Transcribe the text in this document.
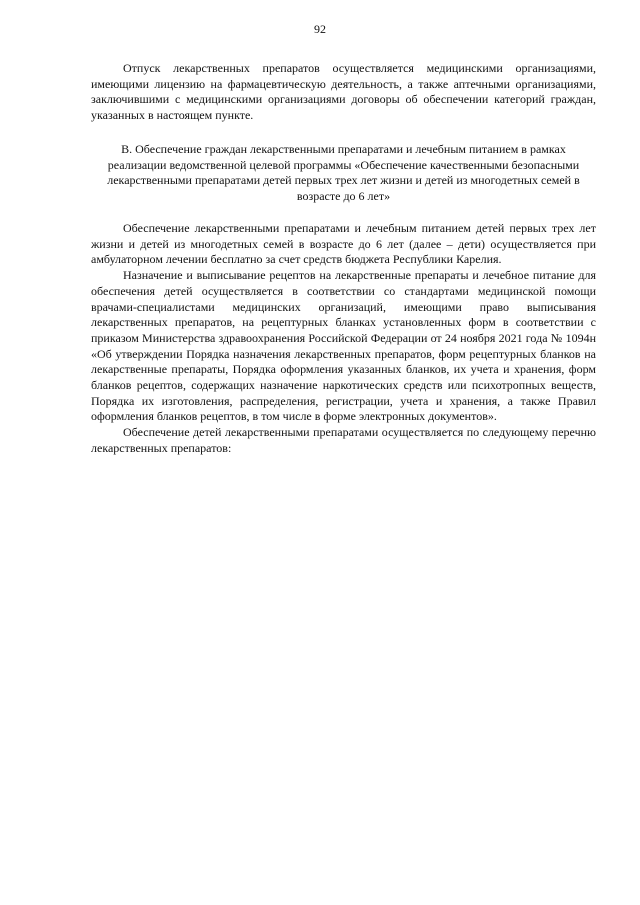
92

Отпуск лекарственных препаратов осуществляется медицинскими организациями, имеющими лицензию на фармацевтическую деятельность, а также аптечными организациями, заключившими с медицинскими организациями договоры об обеспечении категорий граждан, указанных в настоящем пункте.

В. Обеспечение граждан лекарственными препаратами и лечебным питанием в рамках реализации ведомственной целевой программы «Обеспечение качественными безопасными лекарственными препаратами детей первых трех лет жизни и детей из многодетных семей в возрасте до 6 лет»

Обеспечение лекарственными препаратами и лечебным питанием детей первых трех лет жизни и детей из многодетных семей в возрасте до 6 лет (далее – дети) осуществляется при амбулаторном лечении бесплатно за счет средств бюджета Республики Карелия.

Назначение и выписывание рецептов на лекарственные препараты и лечебное питание для обеспечения детей осуществляется в соответствии со стандартами медицинской помощи врачами-специалистами медицинских организаций, имеющими право выписывания лекарственных препаратов, на рецептурных бланках установленных форм в соответствии с приказом Министерства здравоохранения Российской Федерации от 24 ноября 2021 года № 1094н «Об утверждении Порядка назначения лекарственных препаратов, форм рецептурных бланков на лекарственные препараты, Порядка оформления указанных бланков, их учета и хранения, форм бланков рецептов, содержащих назначение наркотических средств или психотропных веществ, Порядка их изготовления, распределения, регистрации, учета и хранения, а также Правил оформления бланков рецептов, в том числе в форме электронных документов».

Обеспечение детей лекарственными препаратами осуществляется по следующему перечню лекарственных препаратов:
